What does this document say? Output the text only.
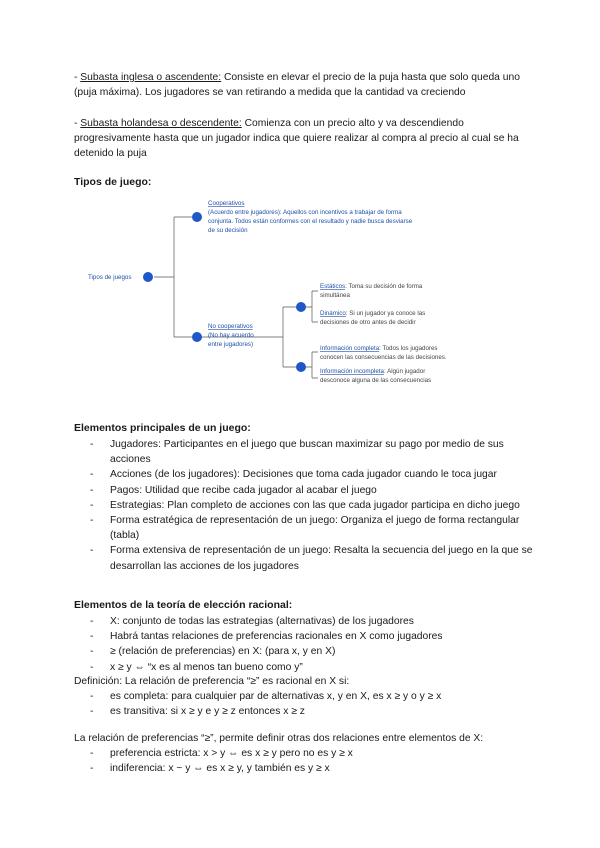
- Subasta inglesa o ascendente: Consiste en elevar el precio de la puja hasta que solo queda uno (puja máxima). Los jugadores se van retirando a medida que la cantidad va creciendo

- Subasta holandesa o descendente: Comienza con un precio alto y va descendiendo progresivamente hasta que un jugador indica que quiere realizar al compra al precio al cual se ha detenido la puja

Tipos de juego:

Tipos de juegos
Cooperativos
(Acuerdo entre jugadores): Aquellos con incentivos a trabajar de forma
conjunta. Todos están conformes con el resultado y nadie busca desviarse
de su decisión
No cooperativos
(No hay acuerdo
entre jugadores)
Estáticos: Toma su decisión de forma
simultánea
Dinámico: Si un jugador ya conoce las
decisiones de otro antes de decidir
Información completa: Todos los jugadores
conocen las consecuencias de las decisiones.
Información incompleta: Algún jugador
desconoce alguna de las consecuencias

Elementos principales de un juego:

- Jugadores: Participantes en el juego que buscan maximizar su pago por medio de sus acciones
- Acciones (de los jugadores): Decisiones que toma cada jugador cuando le toca jugar
- Pagos: Utilidad que recibe cada jugador al acabar el juego
- Estrategias: Plan completo de acciones con las que cada jugador participa en dicho juego
- Forma estratégica de representación de un juego: Organiza el juego de forma rectangular (tabla)
- Forma extensiva de representación de un juego: Resalta la secuencia del juego en la que se desarrollan las acciones de los jugadores

Elementos de la teoría de elección racional:

- X: conjunto de todas las estrategias (alternativas) de los jugadores
- Habrá tantas relaciones de preferencias racionales en X como jugadores
- ≥ (relación de preferencias) en X: (para x, y en X)
- x ≥ y ⇔ “x es al menos tan bueno como y”

Definición: La relación de preferencia “≥” es racional en X si:

- es completa: para cualquier par de alternativas x, y en X, es x ≥ y o y ≥ x
- es transitiva: si x ≥ y e y ≥ z entonces x ≥ z

La relación de preferencias “≥”, permite definir otras dos relaciones entre elementos de X:

- preferencia estricta: x > y ⇔ es x ≥ y pero no es y ≥ x
- indiferencia: x ~ y ⇔ es x ≥ y, y también es y ≥ x
